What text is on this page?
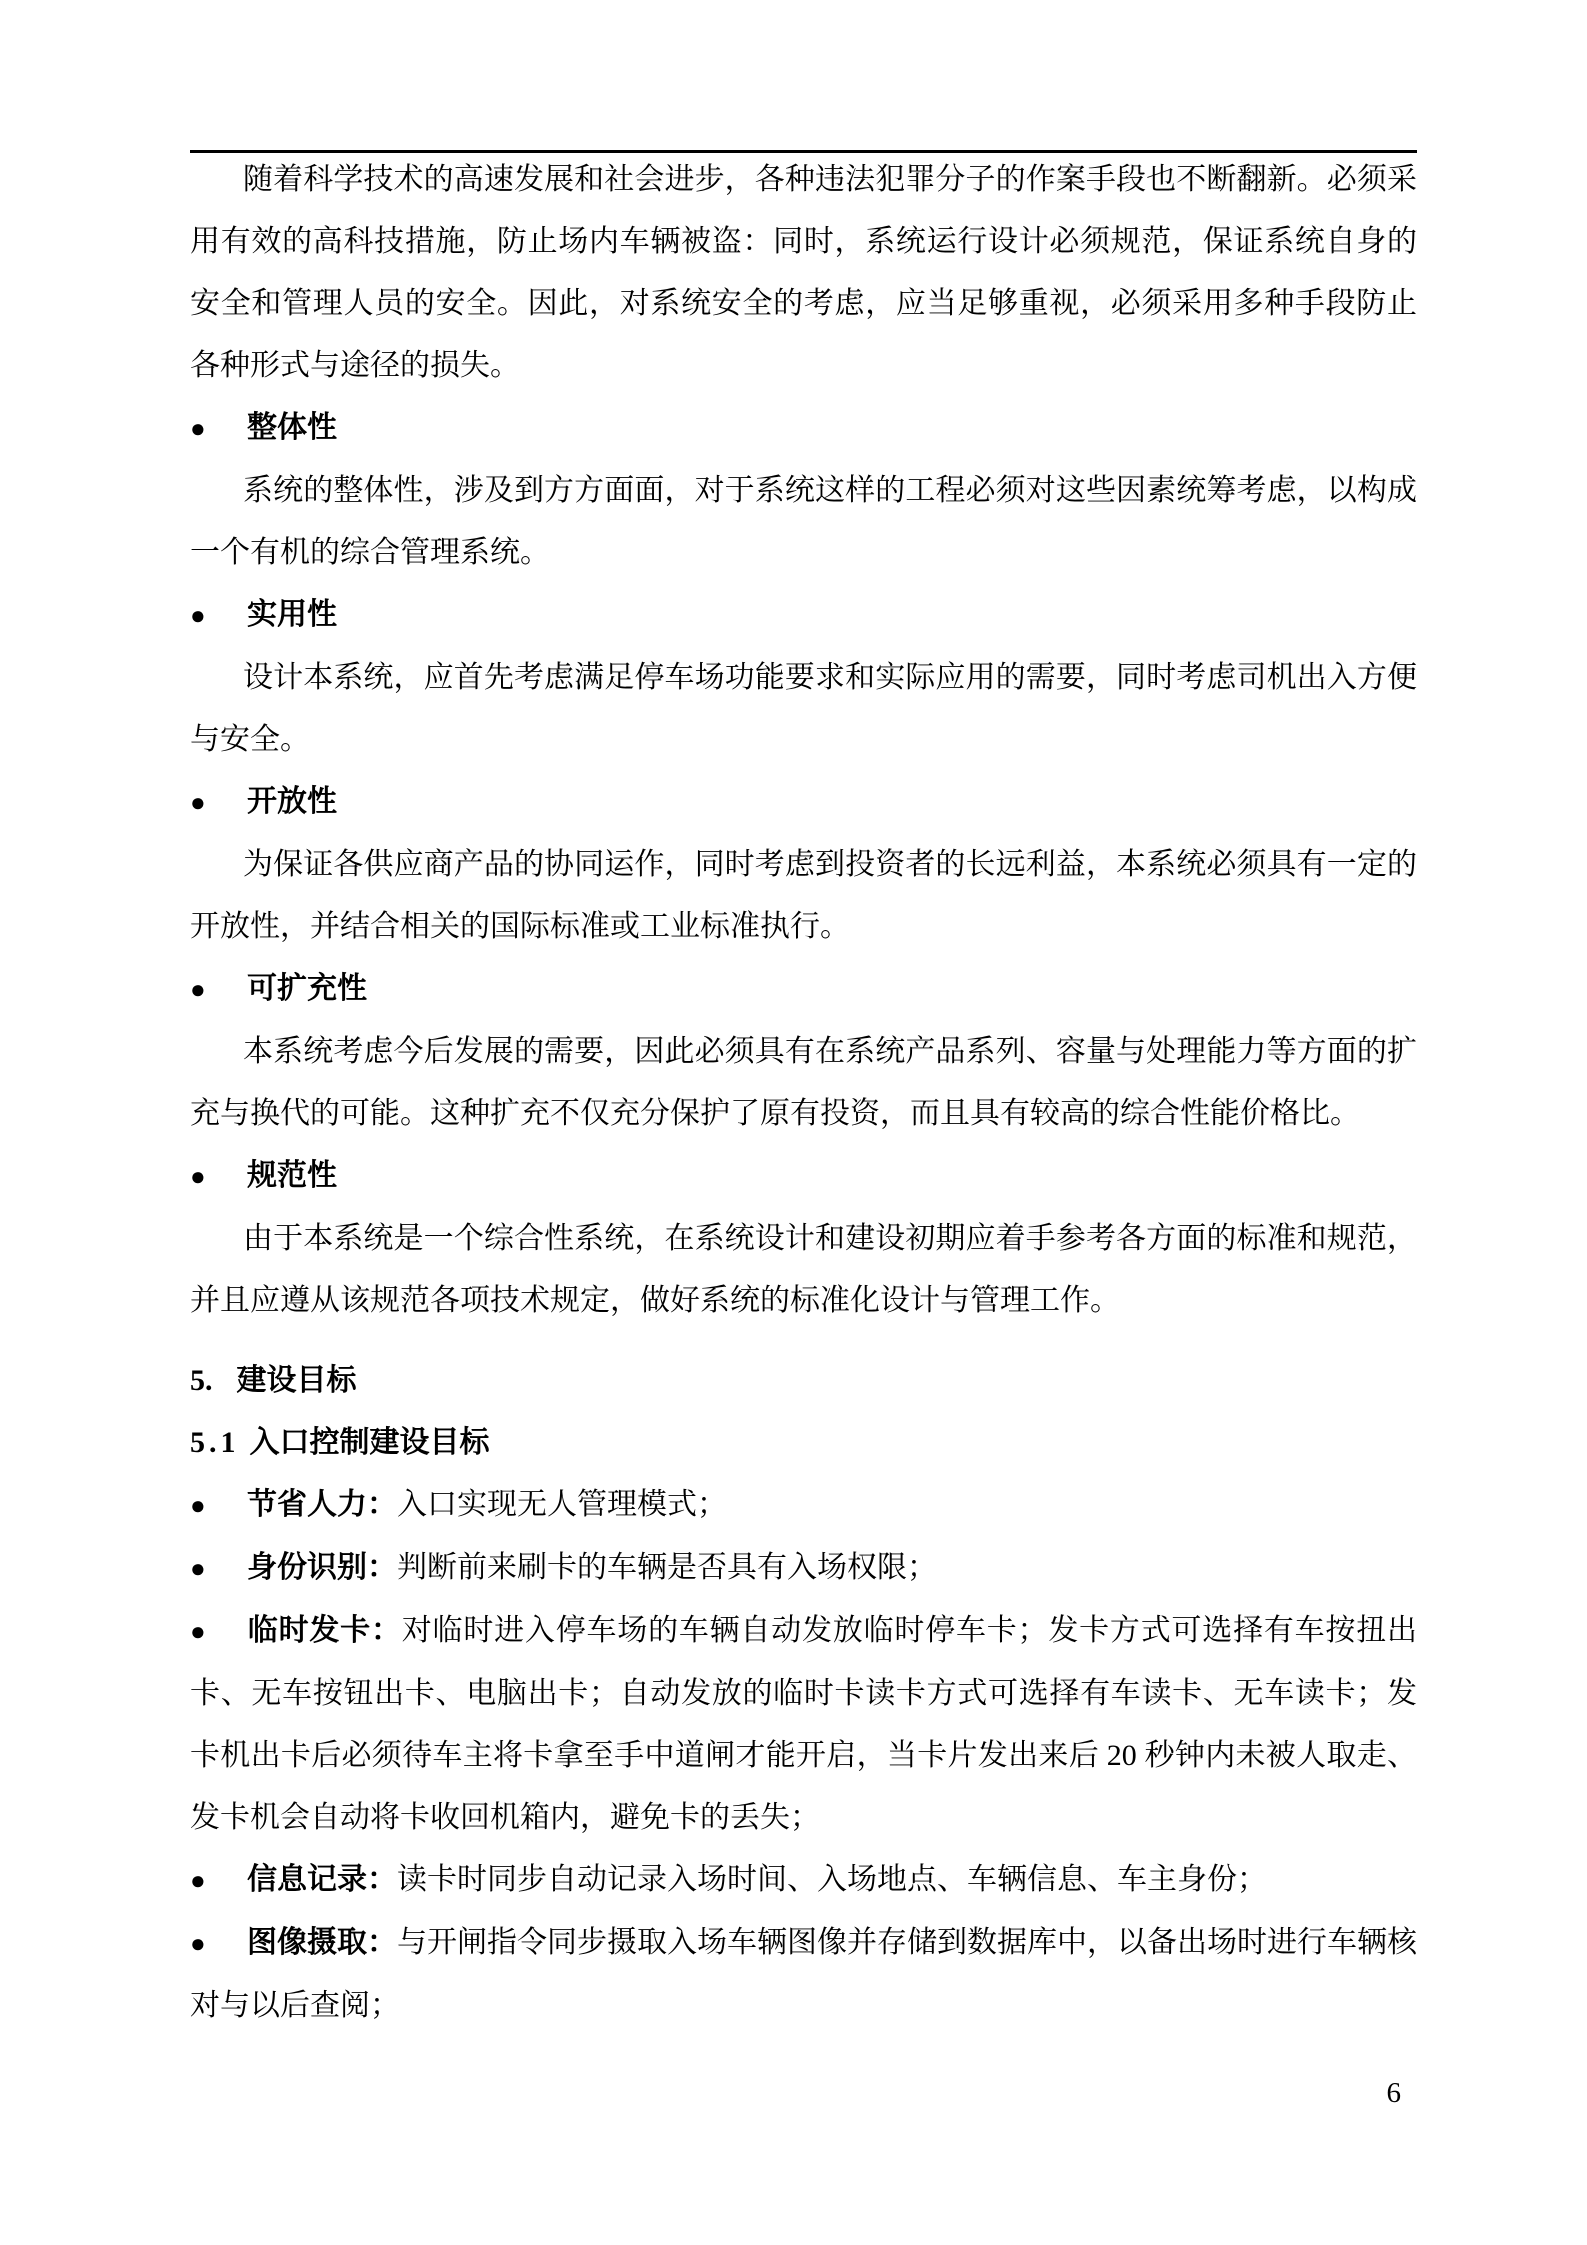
随着科学技术的高速发展和社会进步，各种违法犯罪分子的作案手段也不断翻新。必须采用有效的高科技措施，防止场内车辆被盗：同时，系统运行设计必须规范，保证系统自身的安全和管理人员的安全。因此，对系统安全的考虑，应当足够重视，必须采用多种手段防止各种形式与途径的损失。

● 整体性

系统的整体性，涉及到方方面面，对于系统这样的工程必须对这些因素统筹考虑，以构成一个有机的综合管理系统。

● 实用性

设计本系统，应首先考虑满足停车场功能要求和实际应用的需要，同时考虑司机出入方便与安全。

● 开放性

为保证各供应商产品的协同运作，同时考虑到投资者的长远利益，本系统必须具有一定的开放性，并结合相关的国际标准或工业标准执行。

● 可扩充性

本系统考虑今后发展的需要，因此必须具有在系统产品系列、容量与处理能力等方面的扩充与换代的可能。这种扩充不仅充分保护了原有投资，而且具有较高的综合性能价格比。

● 规范性

由于本系统是一个综合性系统，在系统设计和建设初期应着手参考各方面的标准和规范，并且应遵从该规范各项技术规定，做好系统的标准化设计与管理工作。

5. 建设目标

5.1 入口控制建设目标

● 节省人力：入口实现无人管理模式；

● 身份识别：判断前来刷卡的车辆是否具有入场权限；

● 临时发卡：对临时进入停车场的车辆自动发放临时停车卡；发卡方式可选择有车按扭出卡、无车按钮出卡、电脑出卡；自动发放的临时卡读卡方式可选择有车读卡、无车读卡；发卡机出卡后必须待车主将卡拿至手中道闸才能开启，当卡片发出来后 20 秒钟内未被人取走、发卡机会自动将卡收回机箱内，避免卡的丢失；

● 信息记录：读卡时同步自动记录入场时间、入场地点、车辆信息、车主身份；

● 图像摄取：与开闸指令同步摄取入场车辆图像并存储到数据库中，以备出场时进行车辆核对与以后查阅；

6
